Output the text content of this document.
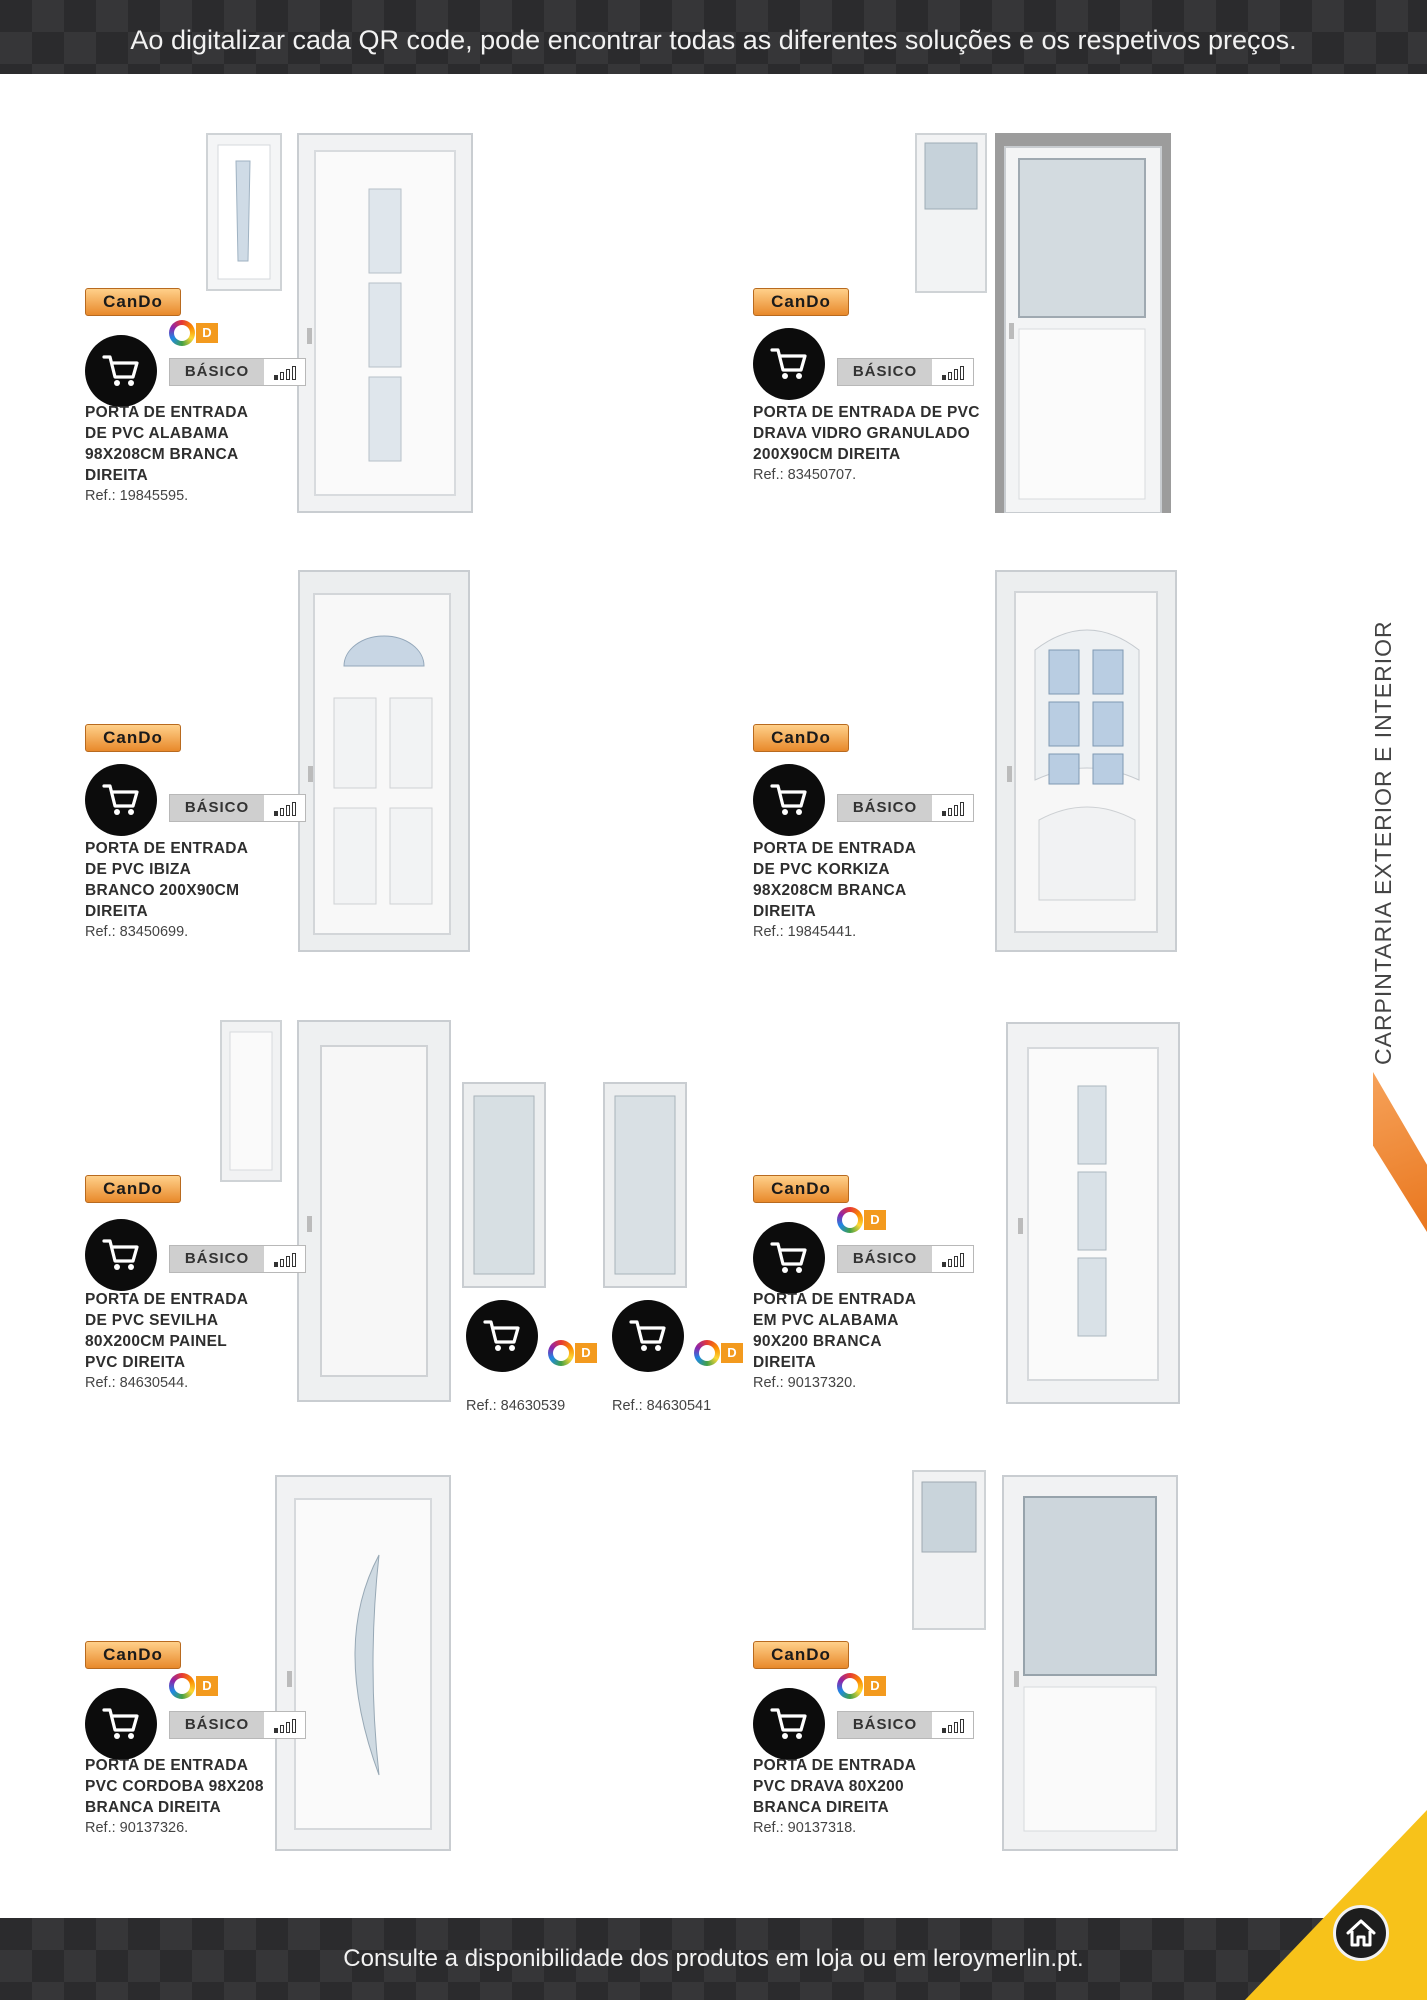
Ao digitalizar cada QR code, pode encontrar todas as diferentes soluções e os respetivos preços.
CanDo
D
BÁSICO
PORTA DE ENTRADA
DE PVC ALABAMA
98X208CM BRANCA
DIREITA
Ref.: 19845595.
CanDo
BÁSICO
PORTA DE ENTRADA DE PVC
DRAVA VIDRO GRANULADO
200X90CM DIREITA
Ref.: 83450707.
CanDo
BÁSICO
PORTA DE ENTRADA
DE PVC IBIZA
BRANCO 200X90CM
DIREITA
Ref.: 83450699.
CanDo
BÁSICO
PORTA DE ENTRADA
DE PVC KORKIZA
98X208CM BRANCA
DIREITA
Ref.: 19845441.
CanDo
BÁSICO
PORTA DE ENTRADA
DE PVC SEVILHA
80X200CM PAINEL
PVC DIREITA
Ref.: 84630544.
CanDo
D
BÁSICO
PORTA DE ENTRADA
EM PVC ALABAMA
90X200 BRANCA
DIREITA
Ref.: 90137320.
CanDo
D
BÁSICO
PORTA DE ENTRADA
PVC CORDOBA 98X208
BRANCA DIREITA
Ref.: 90137326.
CanDo
D
BÁSICO
PORTA DE ENTRADA
PVC DRAVA 80X200
BRANCA DIREITA
Ref.: 90137318.
D
Ref.: 84630539
D
Ref.: 84630541
CARPINTARIA EXTERIOR E INTERIOR
Consulte a disponibilidade dos produtos em loja ou em leroymerlin.pt.
